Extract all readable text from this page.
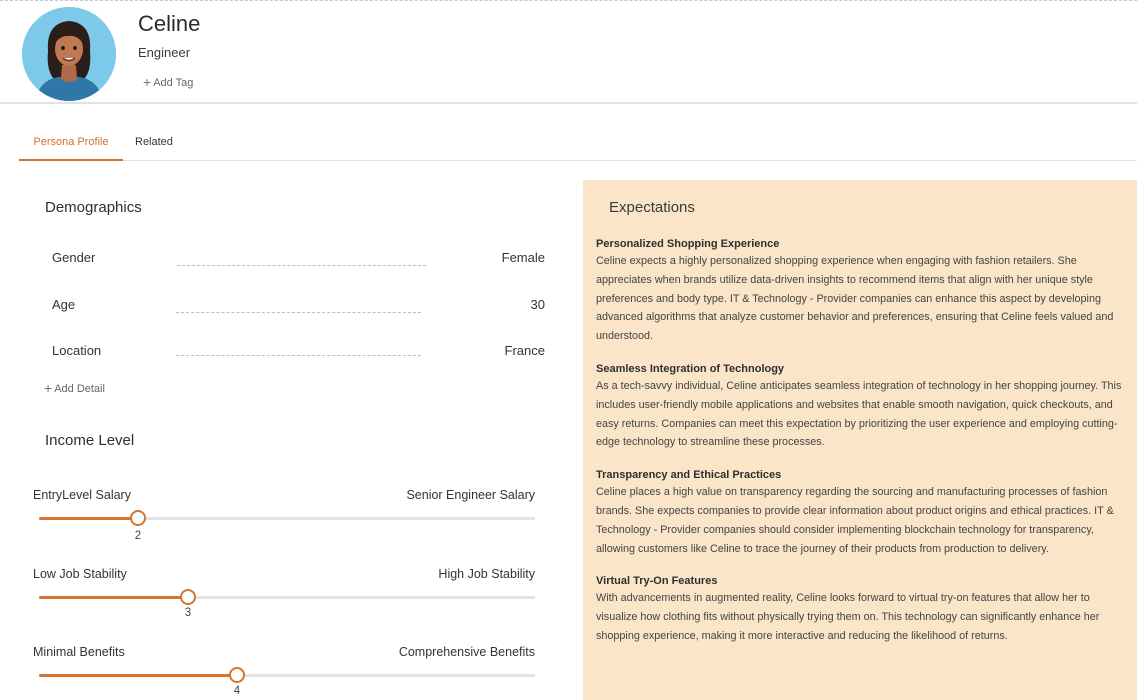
Celine
Engineer
+ Add Tag
Persona Profile	Related
Demographics
Gender	Female
Age	30
Location	France
+ Add Detail
Income Level
EntryLevel Salary	Senior Engineer Salary
2
Low Job Stability	High Job Stability
3
Minimal Benefits	Comprehensive Benefits
4
Expectations
Personalized Shopping Experience

Celine expects a highly personalized shopping experience when engaging with fashion retailers. She appreciates when brands utilize data-driven insights to recommend items that align with her unique style preferences and body type. IT & Technology - Provider companies can enhance this aspect by developing advanced algorithms that analyze customer behavior and preferences, ensuring that Celine feels valued and understood.

Seamless Integration of Technology

As a tech-savvy individual, Celine anticipates seamless integration of technology in her shopping journey. This includes user-friendly mobile applications and websites that enable smooth navigation, quick checkouts, and easy returns. Companies can meet this expectation by prioritizing the user experience and employing cutting-edge technology to streamline these processes.

Transparency and Ethical Practices

Celine places a high value on transparency regarding the sourcing and manufacturing processes of fashion brands. She expects companies to provide clear information about product origins and ethical practices. IT & Technology - Provider companies should consider implementing blockchain technology for transparency, allowing customers like Celine to trace the journey of their products from production to delivery.

Virtual Try-On Features

With advancements in augmented reality, Celine looks forward to virtual try-on features that allow her to visualize how clothing fits without physically trying them on. This technology can significantly enhance her shopping experience, making it more interactive and reducing the likelihood of returns.
